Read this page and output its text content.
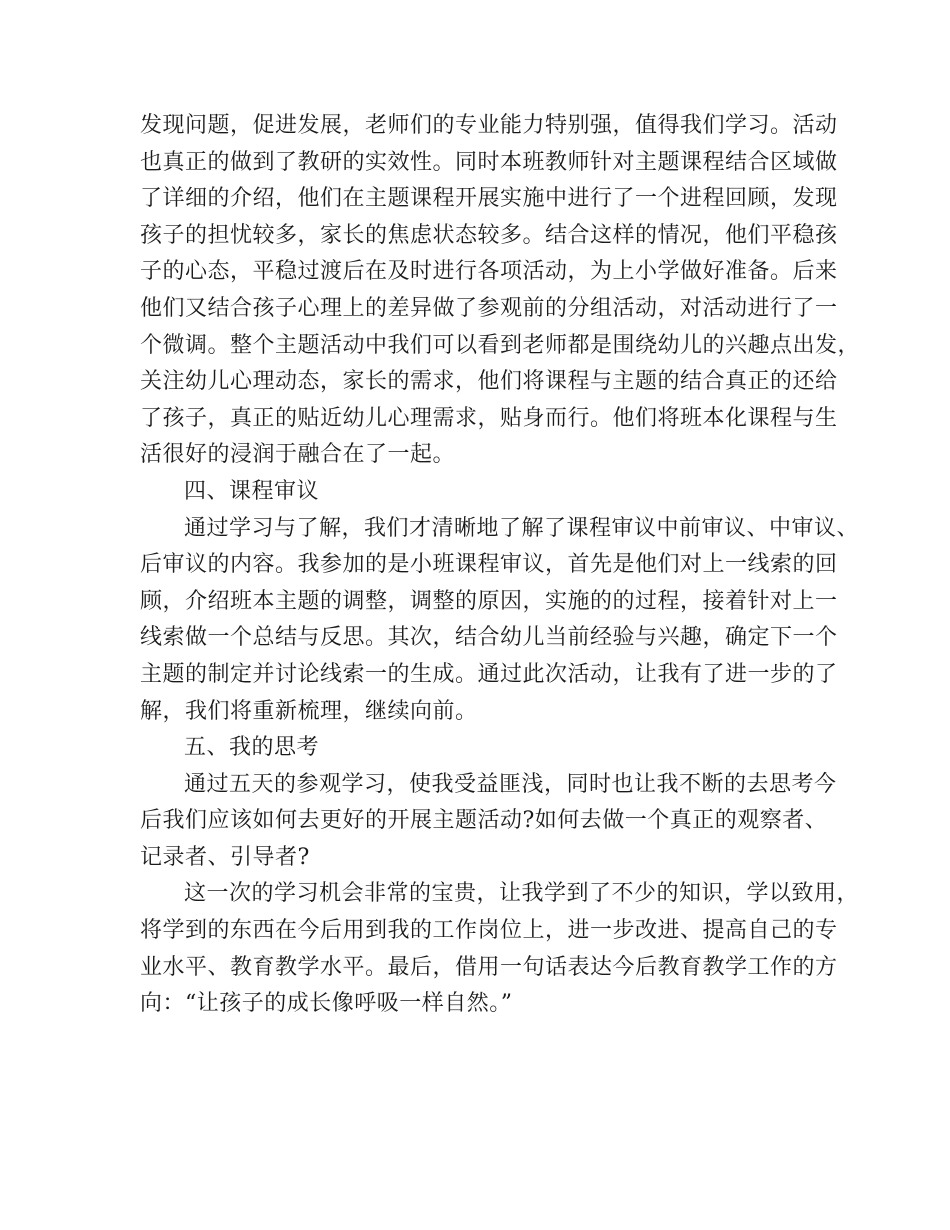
发现问题，促进发展，老师们的专业能力特别强，值得我们学习。活动
也真正的做到了教研的实效性。同时本班教师针对主题课程结合区域做
了详细的介绍，他们在主题课程开展实施中进行了一个进程回顾，发现
孩子的担忧较多，家长的焦虑状态较多。结合这样的情况，他们平稳孩
子的心态，平稳过渡后在及时进行各项活动，为上小学做好准备。后来
他们又结合孩子心理上的差异做了参观前的分组活动，对活动进行了一
个微调。整个主题活动中我们可以看到老师都是围绕幼儿的兴趣点出发，
关注幼儿心理动态，家长的需求，他们将课程与主题的结合真正的还给
了孩子，真正的贴近幼儿心理需求，贴身而行。他们将班本化课程与生
活很好的浸润于融合在了一起。
四、课程审议
通过学习与了解，我们才清晰地了解了课程审议中前审议、中审议、
后审议的内容。我参加的是小班课程审议，首先是他们对上一线索的回
顾，介绍班本主题的调整，调整的原因，实施的的过程，接着针对上一
线索做一个总结与反思。其次，结合幼儿当前经验与兴趣，确定下一个
主题的制定并讨论线索一的生成。通过此次活动，让我有了进一步的了
解，我们将重新梳理，继续向前。
五、我的思考
通过五天的参观学习，使我受益匪浅，同时也让我不断的去思考今
后我们应该如何去更好的开展主题活动?如何去做一个真正的观察者、
记录者、引导者?
这一次的学习机会非常的宝贵，让我学到了不少的知识，学以致用，
将学到的东西在今后用到我的工作岗位上，进一步改进、提高自己的专
业水平、教育教学水平。最后，借用一句话表达今后教育教学工作的方
向：“让孩子的成长像呼吸一样自然。”
